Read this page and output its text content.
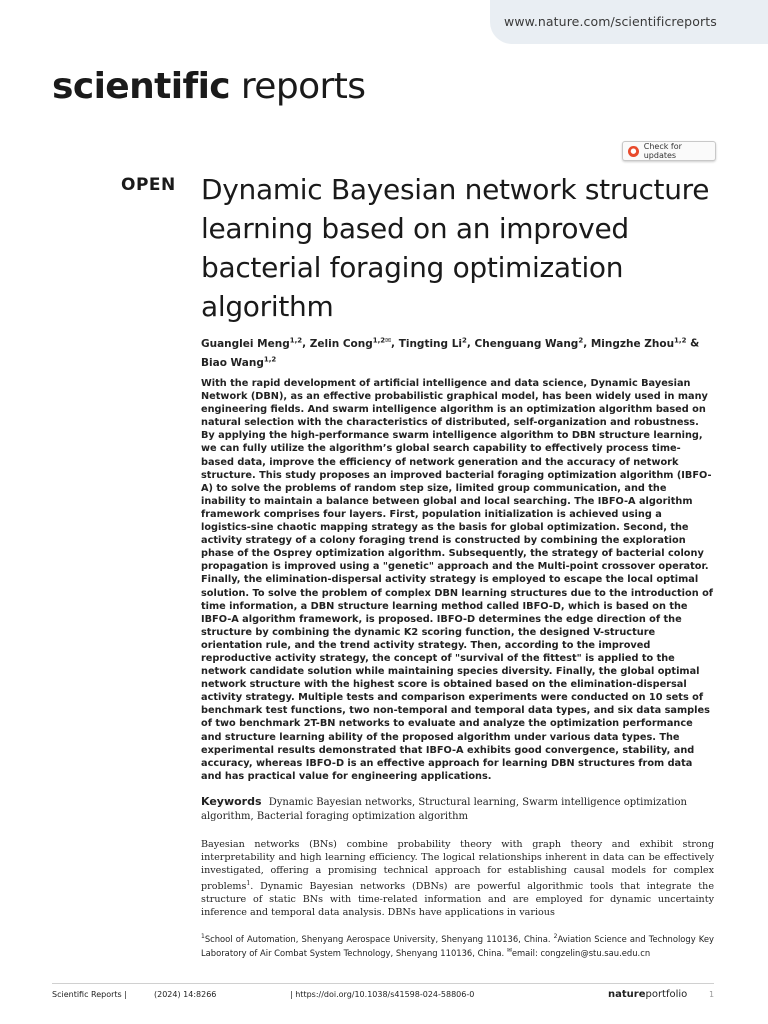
www.nature.com/scientificreports
scientific reports
● Check for updates
OPEN Dynamic Bayesian network structure learning based on an improved bacterial foraging optimization algorithm
Guanglei Meng$^{1,2}$, Zelin Cong$^{1,2✉}$, Tingting Li$^2$, Chenguang Wang$^2$, Mingzhe Zhou$^{1,2}$ & Biao Wang$^{1,2}$
With the rapid development of artificial intelligence and data science, Dynamic Bayesian Network (DBN), as an effective probabilistic graphical model, has been widely used in many engineering fields. And swarm intelligence algorithm is an optimization algorithm based on natural selection with the characteristics of distributed, self-organization and robustness. By applying the high-performance swarm intelligence algorithm to DBN structure learning, we can fully utilize the algorithm’s global search capability to effectively process time-based data, improve the efficiency of network generation and the accuracy of network structure. This study proposes an improved bacterial foraging optimization algorithm (IBFO-A) to solve the problems of random step size, limited group communication, and the inability to maintain a balance between global and local searching. The IBFO-A algorithm framework comprises four layers. First, population initialization is achieved using a logistics-sine chaotic mapping strategy as the basis for global optimization. Second, the activity strategy of a colony foraging trend is constructed by combining the exploration phase of the Osprey optimization algorithm. Subsequently, the strategy of bacterial colony propagation is improved using a "genetic" approach and the Multi-point crossover operator. Finally, the elimination-dispersal activity strategy is employed to escape the local optimal solution. To solve the problem of complex DBN learning structures due to the introduction of time information, a DBN structure learning method called IBFO-D, which is based on the IBFO-A algorithm framework, is proposed. IBFO-D determines the edge direction of the structure by combining the dynamic K2 scoring function, the designed V-structure orientation rule, and the trend activity strategy. Then, according to the improved reproductive activity strategy, the concept of "survival of the fittest" is applied to the network candidate solution while maintaining species diversity. Finally, the global optimal network structure with the highest score is obtained based on the elimination-dispersal activity strategy. Multiple tests and comparison experiments were conducted on 10 sets of benchmark test functions, two non-temporal and temporal data types, and six data samples of two benchmark 2T-BN networks to evaluate and analyze the optimization performance and structure learning ability of the proposed algorithm under various data types. The experimental results demonstrated that IBFO-A exhibits good convergence, stability, and accuracy, whereas IBFO-D is an effective approach for learning DBN structures from data and has practical value for engineering applications.
Keywords Dynamic Bayesian networks, Structural learning, Swarm intelligence optimization algorithm, Bacterial foraging optimization algorithm
Bayesian networks (BNs) combine probability theory with graph theory and exhibit strong interpretability and high learning efficiency. The logical relationships inherent in data can be effectively investigated, offering a promising technical approach for establishing causal models for complex problems$^1$. Dynamic Bayesian networks (DBNs) are powerful algorithmic tools that integrate the structure of static BNs with time-related information and are employed for dynamic uncertainty inference and temporal data analysis. DBNs have applications in various
$^1$School of Automation, Shenyang Aerospace University, Shenyang 110136, China. $^2$Aviation Science and Technology Key Laboratory of Air Combat System Technology, Shenyang 110136, China. ✉email: congzelin@stu.sau.edu.cn
Scientific Reports |	(2024) 14:8266	| https://doi.org/10.1038/s41598-024-58806-0	natureportfolio	1
